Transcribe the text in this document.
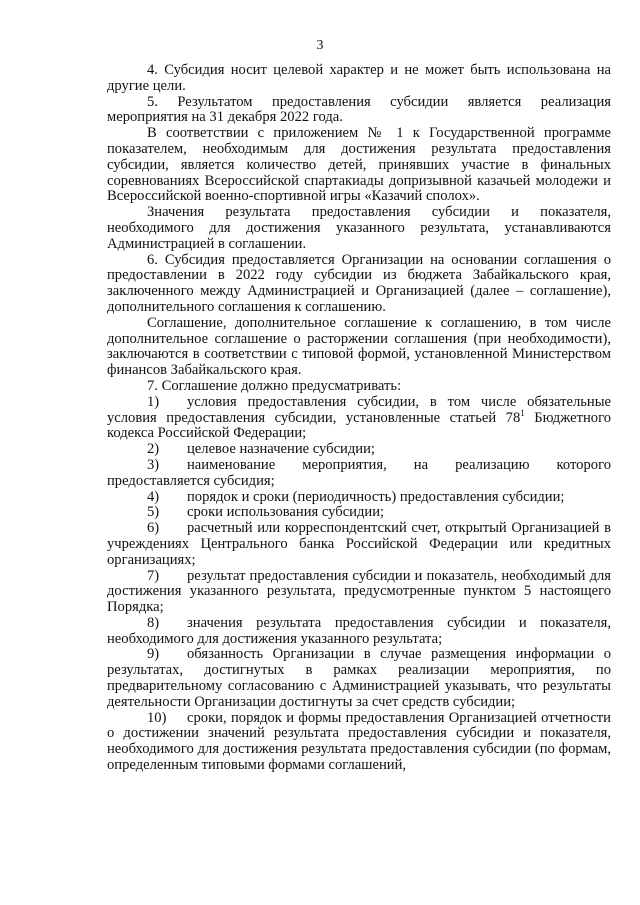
3

4. Субсидия носит целевой характер и не может быть использована на другие цели.

5. Результатом предоставления субсидии является реализация мероприятия на 31 декабря 2022 года.

В соответствии с приложением № 1 к Государственной программе показателем, необходимым для достижения результата предоставления субсидии, является количество детей, принявших участие в финальных соревнованиях Всероссийской спартакиады допризывной казачьей молодежи и Всероссийской военно-спортивной игры «Казачий сполох».

Значения результата предоставления субсидии и показателя, необходимого для достижения указанного результата, устанавливаются Администрацией в соглашении.

6. Субсидия предоставляется Организации на основании соглашения о предоставлении в 2022 году субсидии из бюджета Забайкальского края, заключенного между Администрацией и Организацией (далее – соглашение), дополнительного соглашения к соглашению.

Соглашение, дополнительное соглашение к соглашению, в том числе дополнительное соглашение о расторжении соглашения (при необходимости), заключаются в соответствии с типовой формой, установленной Министерством финансов Забайкальского края.

7. Соглашение должно предусматривать:

1) условия предоставления субсидии, в том числе обязательные условия предоставления субсидии, установленные статьей $78^1$ Бюджетного кодекса Российской Федерации;

2) целевое назначение субсидии;

3) наименование мероприятия, на реализацию которого предоставляется субсидия;

4) порядок и сроки (периодичность) предоставления субсидии;

5) сроки использования субсидии;

6) расчетный или корреспондентский счет, открытый Организацией в учреждениях Центрального банка Российской Федерации или кредитных организациях;

7) результат предоставления субсидии и показатель, необходимый для достижения указанного результата, предусмотренные пунктом 5 настоящего Порядка;

8) значения результата предоставления субсидии и показателя, необходимого для достижения указанного результата;

9) обязанность Организации в случае размещения информации о результатах, достигнутых в рамках реализации мероприятия, по предварительному согласованию с Администрацией указывать, что результаты деятельности Организации достигнуты за счет средств субсидии;

10) сроки, порядок и формы предоставления Организацией отчетности о достижении значений результата предоставления субсидии и показателя, необходимого для достижения результата предоставления субсидии (по формам, определенным типовыми формами соглашений,
